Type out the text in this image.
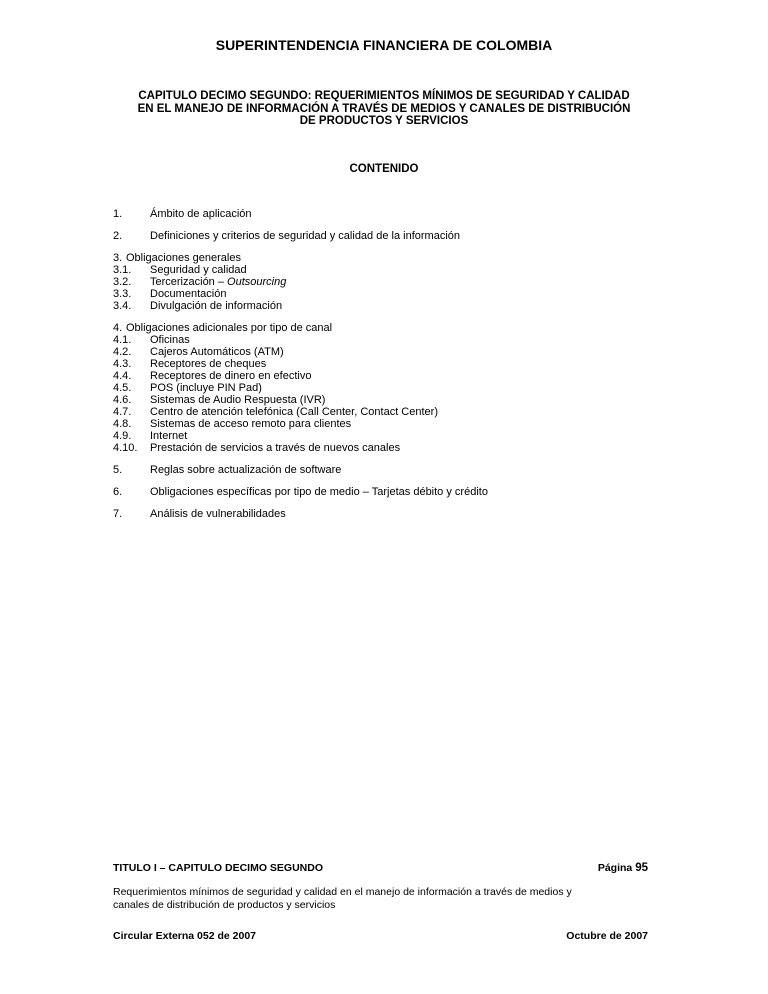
SUPERINTENDENCIA FINANCIERA DE COLOMBIA
CAPITULO DECIMO SEGUNDO: REQUERIMIENTOS MÍNIMOS DE SEGURIDAD Y CALIDAD
EN EL MANEJO DE INFORMACIÓN A TRAVÉS DE MEDIOS Y CANALES DE DISTRIBUCIÓN
DE PRODUCTOS Y SERVICIOS
CONTENIDO
1.	Ámbito de aplicación
2.	Definiciones y criterios de seguridad y calidad de la información
3. Obligaciones generales
3.1.	Seguridad y calidad
3.2.	Tercerización – Outsourcing
3.3.	Documentación
3.4.	Divulgación de información
4. Obligaciones adicionales por tipo de canal
4.1.	Oficinas
4.2.	Cajeros Automáticos (ATM)
4.3.	Receptores de cheques
4.4.	Receptores de dinero en efectivo
4.5.	POS (incluye PIN Pad)
4.6.	Sistemas de Audio Respuesta (IVR)
4.7.	Centro de atención telefónica (Call Center, Contact Center)
4.8.	Sistemas de acceso remoto para clientes
4.9.	Internet
4.10.	Prestación de servicios a través de nuevos canales
5.	Reglas sobre actualización de software
6.	Obligaciones específicas por tipo de medio – Tarjetas débito y crédito
7.	Análisis de vulnerabilidades
TITULO I – CAPITULO DECIMO SEGUNDO	Página 95
Requerimientos mínimos de seguridad y calidad en el manejo de información a través de medios y canales de distribución de productos y servicios
Circular Externa 052 de 2007	Octubre de 2007
